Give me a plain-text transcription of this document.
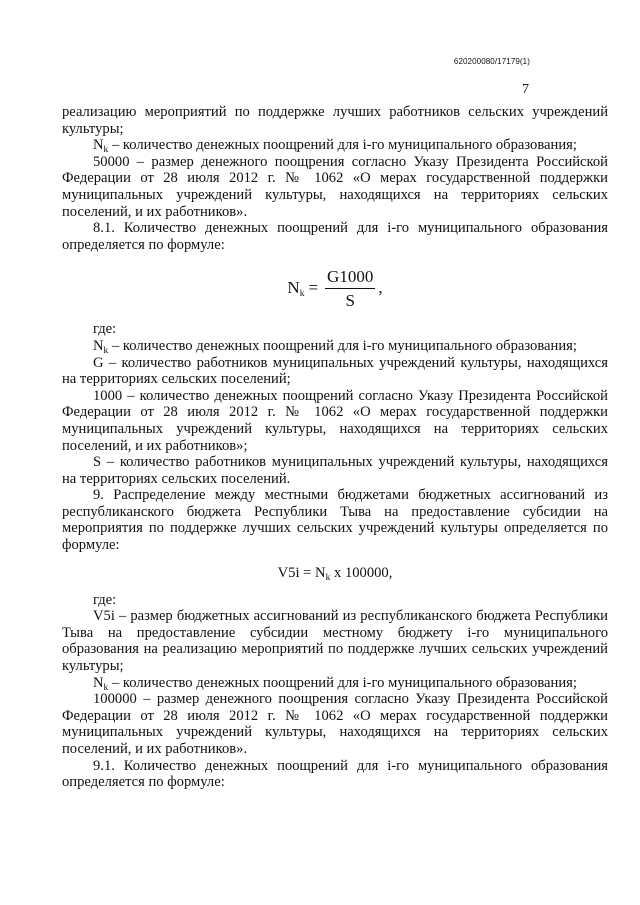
620200080/17179(1)
7

реализацию мероприятий по поддержке лучших работников сельских учреждений культуры;

$N_k$ – количество денежных поощрений для i-го муниципального образования;

50000 – размер денежного поощрения согласно Указу Президента Российской Федерации от 28 июля 2012 г. № 1062 «О мерах государственной поддержки муниципальных учреждений культуры, находящихся на территориях сельских поселений, и их работников».

8.1. Количество денежных поощрений для i-го муниципального образования определяется по формуле:

$N_k = \frac{G1000}{S}$ ,

где:

$N_k$ – количество денежных поощрений для i-го муниципального образования;

G – количество работников муниципальных учреждений культуры, находящихся на территориях сельских поселений;

1000 – количество денежных поощрений согласно Указу Президента Российской Федерации от 28 июля 2012 г. № 1062 «О мерах государственной поддержки муниципальных учреждений культуры, находящихся на территориях сельских поселений, и их работников»;

S – количество работников муниципальных учреждений культуры, находящихся на территориях сельских поселений.

9. Распределение между местными бюджетами бюджетных ассигнований из республиканского бюджета Республики Тыва на предоставление субсидии на мероприятия по поддержке лучших сельских учреждений культуры определяется по формуле:

$V5i = N_k$ x 100000,

где:

V5i – размер бюджетных ассигнований из республиканского бюджета Республики Тыва на предоставление субсидии местному бюджету i-го муниципального образования на реализацию мероприятий по поддержке лучших сельских учреждений культуры;

$N_k$ – количество денежных поощрений для i-го муниципального образования;

100000 – размер денежного поощрения согласно Указу Президента Российской Федерации от 28 июля 2012 г. № 1062 «О мерах государственной поддержки муниципальных учреждений культуры, находящихся на территориях сельских поселений, и их работников».

9.1. Количество денежных поощрений для i-го муниципального образования определяется по формуле:
